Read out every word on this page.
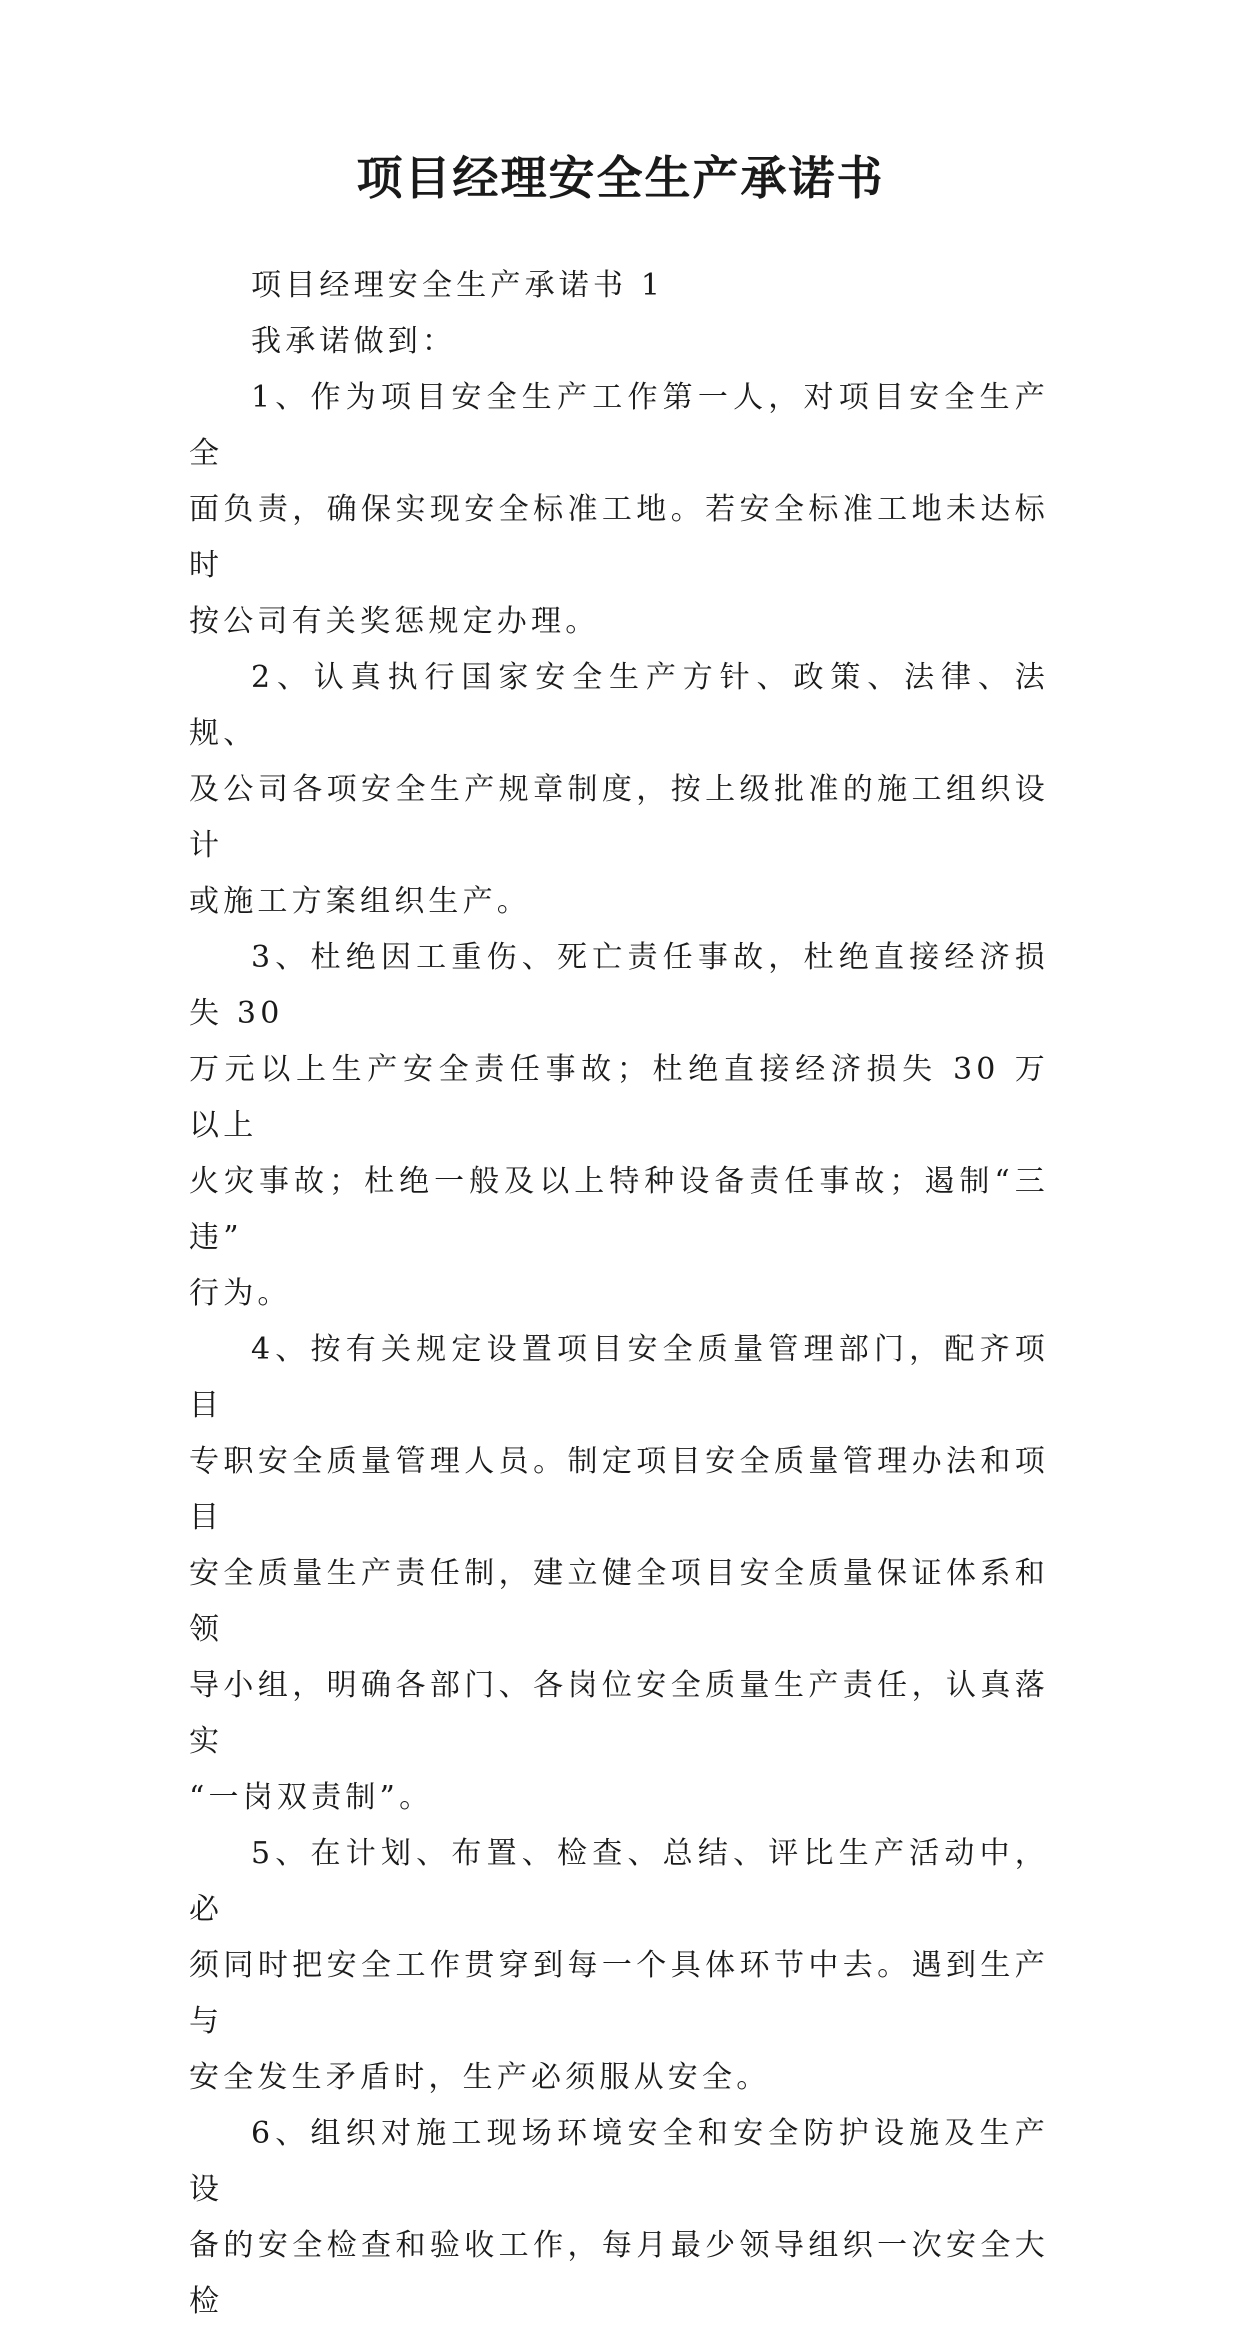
项目经理安全生产承诺书

项目经理安全生产承诺书 1

我承诺做到：

1、作为项目安全生产工作第一人，对项目安全生产全
面负责，确保实现安全标准工地。若安全标准工地未达标时
按公司有关奖惩规定办理。

2、认真执行国家安全生产方针、政策、法律、法规、
及公司各项安全生产规章制度，按上级批准的施工组织设计
或施工方案组织生产。

3、杜绝因工重伤、死亡责任事故，杜绝直接经济损失 30
万元以上生产安全责任事故；杜绝直接经济损失 30 万以上
火灾事故；杜绝一般及以上特种设备责任事故；遏制“三违”
行为。

4、按有关规定设置项目安全质量管理部门，配齐项目
专职安全质量管理人员。制定项目安全质量管理办法和项目
安全质量生产责任制，建立健全项目安全质量保证体系和领
导小组，明确各部门、各岗位安全质量生产责任，认真落实
“一岗双责制”。

5、在计划、布置、检查、总结、评比生产活动中，必
须同时把安全工作贯穿到每一个具体环节中去。遇到生产与
安全发生矛盾时，生产必须服从安全。

6、组织对施工现场环境安全和安全防护设施及生产设
备的安全检查和验收工作，每月最少领导组织一次安全大检
